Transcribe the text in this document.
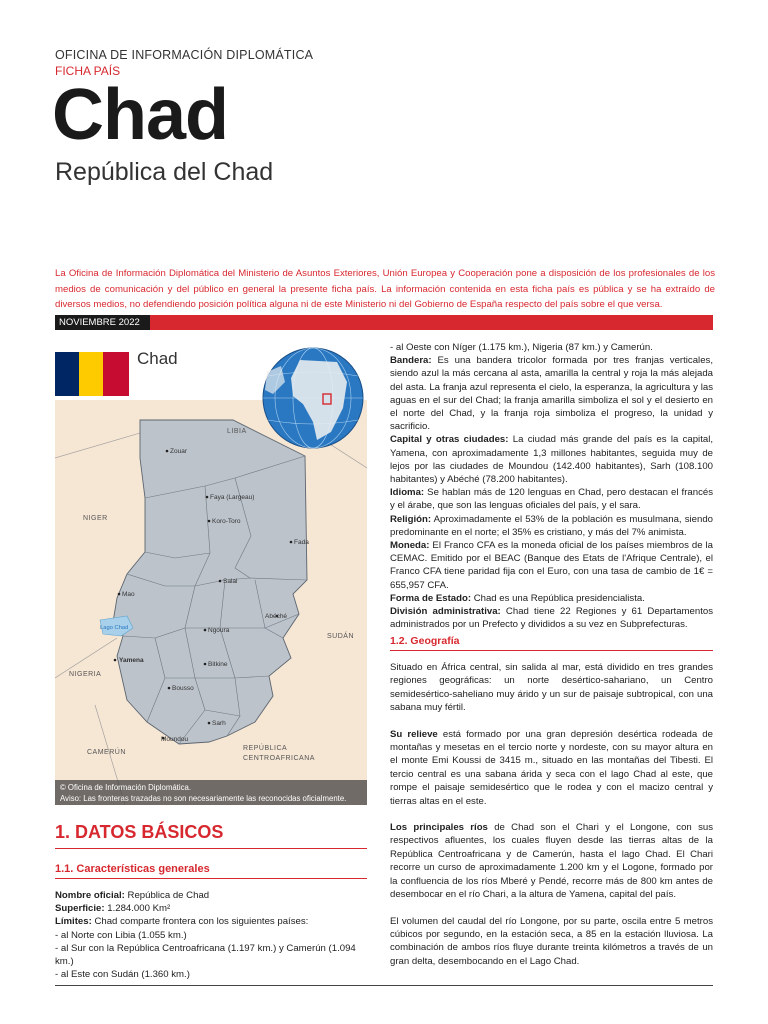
OFICINA DE INFORMACIÓN DIPLOMÁTICA
FICHA PAÍS
Chad
República del Chad
La Oficina de Información Diplomática del Ministerio de Asuntos Exteriores, Unión Europea y Cooperación pone a disposición de los profesionales de los medios de comunicación y del público en general la presente ficha país. La información contenida en esta ficha país es pública y se ha extraído de diversos medios, no defendiendo posición política alguna ni de este Ministerio ni del Gobierno de España respecto del país sobre el que versa.
NOVIEMBRE 2022
LIBIA
NIGER
SUDÁN
NIGERIA
CAMERÚN
REPÚBLICA
CENTROAFRICANA
Zouar
Faya (Largeau)
Koro-Toro
Fada
Mao
Salal
Lago Chad
Abéché
Ngoura
Yamena
Bitkine
Bousso
Sarh
Moundou
Chad
© Oficina de Información Diplomática.
Aviso: Las fronteras trazadas no son necesariamente las reconocidas oficialmente.
1. DATOS BÁSICOS
1.1. Características generales
Nombre oficial: República de Chad
Superficie: 1.284.000 Km²
Límites: Chad comparte frontera con los siguientes países:
- al Norte con Libia (1.055 km.)
- al Sur con la República Centroafricana (1.197 km.) y Camerún (1.094 km.)
- al Este con Sudán (1.360 km.)

- al Oeste con Níger (1.175 km.), Nigeria (87 km.) y Camerún.

Bandera: Es una bandera tricolor formada por tres franjas verticales, siendo azul la más cercana al asta, amarilla la central y roja la más alejada del asta. La franja azul representa el cielo, la esperanza, la agricultura y las aguas en el sur del Chad; la franja amarilla simboliza el sol y el desierto en el norte del Chad, y la franja roja simboliza el progreso, la unidad y sacrificio.

Capital y otras ciudades: La ciudad más grande del país es la capital, Yamena, con aproximadamente 1,3 millones habitantes, seguida muy de lejos por las ciudades de Moundou (142.400 habitantes), Sarh (108.100 habitantes) y Abéché (78.200 habitantes).

Idioma: Se hablan más de 120 lenguas en Chad, pero destacan el francés y el árabe, que son las lenguas oficiales del país, y el sara.

Religión: Aproximadamente el 53% de la población es musulmana, siendo predominante en el norte; el 35% es cristiano, y más del 7% animista.

Moneda: El Franco CFA es la moneda oficial de los países miembros de la CEMAC. Emitido por el BEAC (Banque des Etats de l'Afrique Centrale), el Franco CFA tiene paridad fija con el Euro, con una tasa de cambio de 1€ = 655,957 CFA.

Forma de Estado: Chad es una República presidencialista.

División administrativa: Chad tiene 22 Regiones y 61 Departamentos administrados por un Prefecto y divididos a su vez en Subprefecturas.

1.2. Geografía

Situado en África central, sin salida al mar, está dividido en tres grandes regiones geográficas: un norte desértico-sahariano, un Centro semidesértico-saheliano muy árido y un sur de paisaje subtropical, con una sabana muy fértil.

Su relieve está formado por una gran depresión desértica rodeada de montañas y mesetas en el tercio norte y nordeste, con su mayor altura en el monte Emi Koussi de 3415 m., situado en las montañas del Tibesti. El tercio central es una sabana árida y seca con el lago Chad al este, que rompe el paisaje semidesértico que le rodea y con el macizo central y tierras altas en el este.

Los principales ríos de Chad son el Chari y el Longone, con sus respectivos afluentes, los cuales fluyen desde las tierras altas de la República Centroafricana y de Camerún, hasta el lago Chad. El Chari recorre un curso de aproximadamente 1.200 km y el Logone, formado por la confluencia de los ríos Mberé y Pendé, recorre más de 800 km antes de desembocar en el río Chari, a la altura de Yamena, capital del país.

El volumen del caudal del río Longone, por su parte, oscila entre 5 metros cúbicos por segundo, en la estación seca, a 85 en la estación lluviosa. La combinación de ambos ríos fluye durante treinta kilómetros a través de un gran delta, desembocando en el Lago Chad.
